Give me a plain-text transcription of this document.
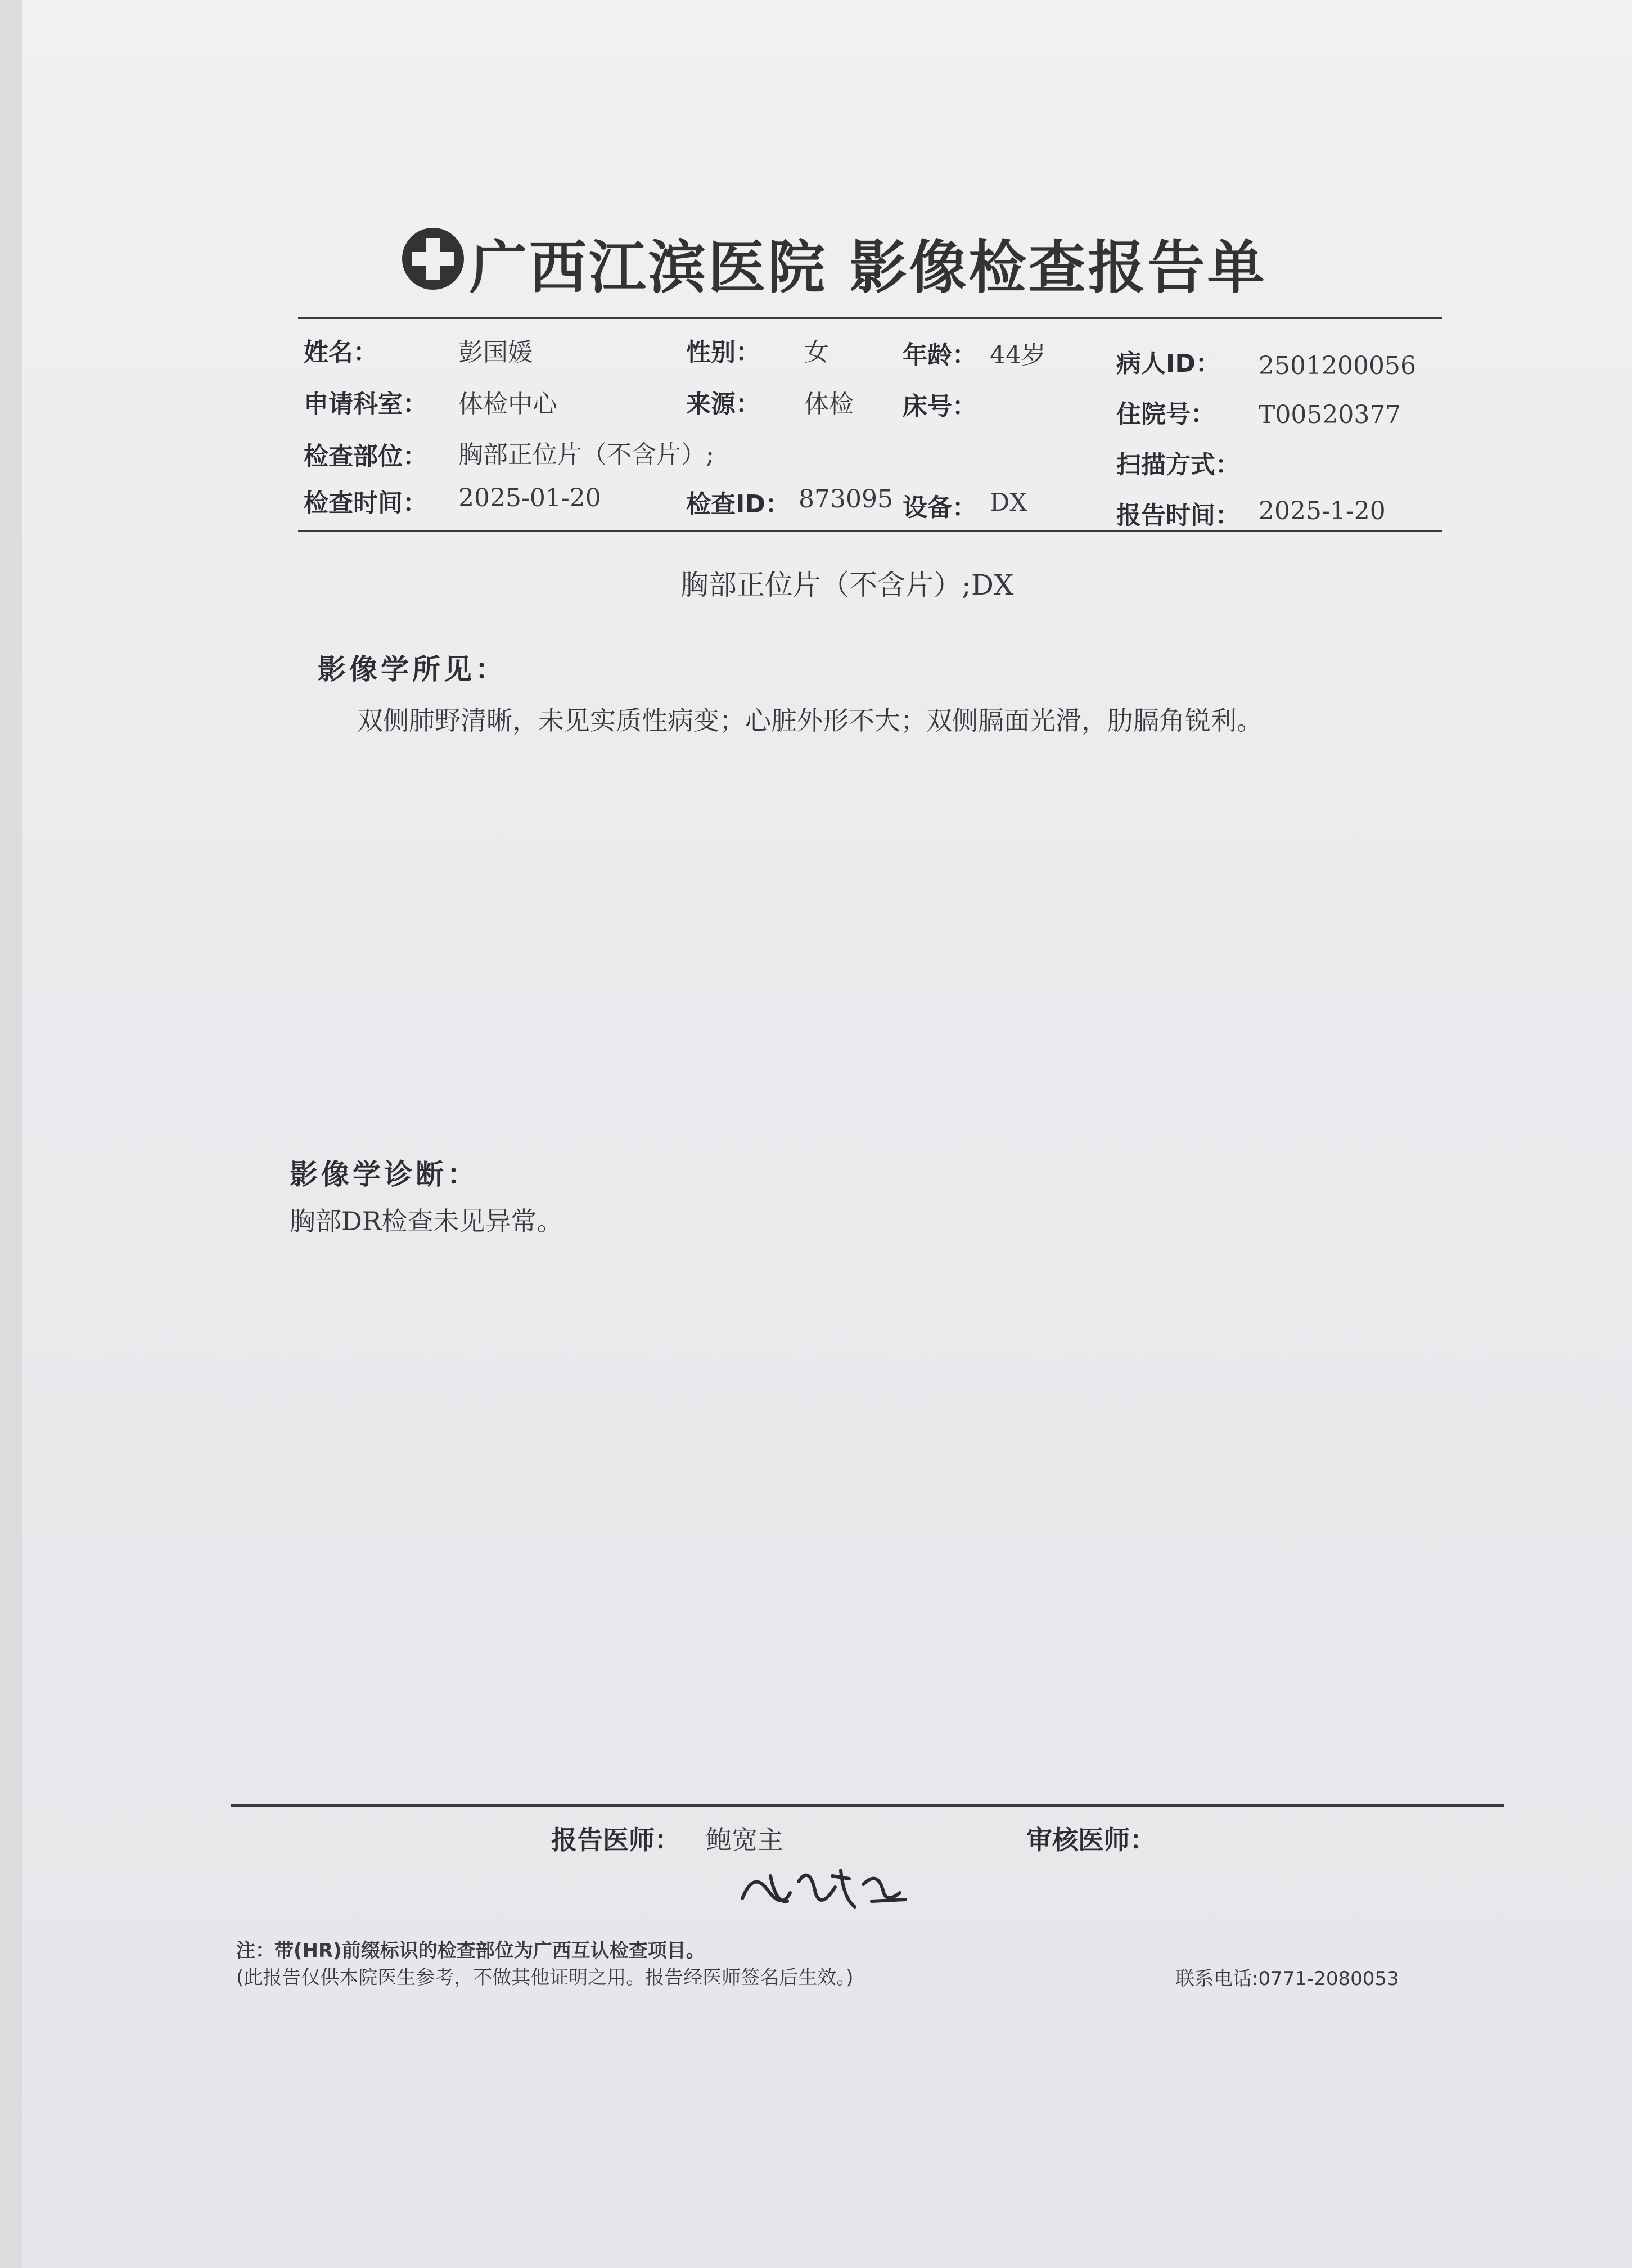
广西江滨医院 影像检查报告单
姓名：	彭国媛	性别： 女	年龄： 44岁	病人ID： 2501200056
申请科室： 体检中心	来源： 体检 床号：	住院号： T00520377
检查部位： 胸部正位片（不含片）;	扫描方式：
检查时间： 2025-01-20	检查ID： 873095 设备： DX	报告时间： 2025-1-20
胸部正位片（不含片）;DX
影像学所见：
双侧肺野清晰，未见实质性病变；心脏外形不大；双侧膈面光滑，肋膈角锐利。
影像学诊断：
胸部DR检查未见异常。
报告医师： 鲍宽主	审核医师：
注：带(HR)前缀标识的检查部位为广西互认检查项目。
(此报告仅供本院医生参考，不做其他证明之用。报告经医师签名后生效。)	联系电话:0771-2080053
